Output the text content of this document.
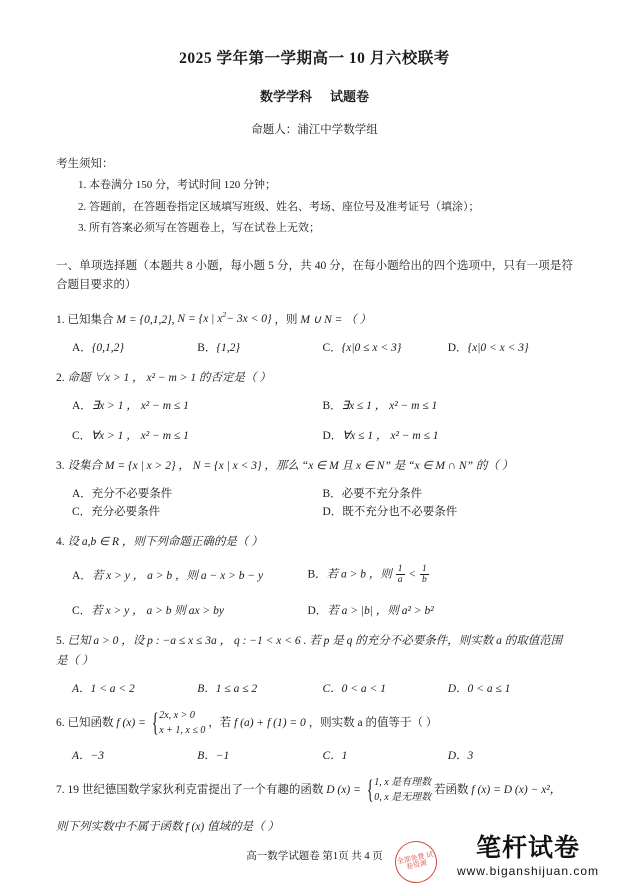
2025 学年第一学期高一 10 月六校联考
数学学科 试题卷
命题人：浦江中学数学组
考生须知：
1. 本卷满分 150 分，考试时间 120 分钟；
2. 答题前，在答题卷指定区域填写班级、姓名、考场、座位号及准考证号（填涂）；
3. 所有答案必须写在答题卷上，写在试卷上无效；
一、单项选择题（本题共 8 小题，每小题 5 分，共 40 分，在每小题给出的四个选项中，只有一项是符合题目要求的）
1. 已知集合 M = {0,1,2}, N = {x | $x^2- 3x < 0$} ，则 M ∪ N = （ ）
A．{0,1,2}	B．{1,2}	C．{x|0 ≤ x < 3}	D．{x|0 < x < 3}
2. 命题 ∀x > 1 ， x² − m > 1 的否定是（ ）
A．∃x > 1 ， x² − m ≤ 1	B．∃x ≤ 1 ， x² − m ≤ 1
C．∀x > 1 ， x² − m ≤ 1	D．∀x ≤ 1 ， x² − m ≤ 1
3. 设集合 M = {x | x > 2} ， N = {x | x < 3} ，那么 “x ∈ M 且 x ∈ N” 是 “x ∈ M ∩ N” 的（ ）
A．充分不必要条件	B．必要不充分条件
C．充分必要条件	D．既不充分也不必要条件
4. 设 a,b ∈ R ，则下列命题正确的是（ ）
A．若 x > y ， a > b ，则 a − x > b − y	B．若 a > b ，则 $\frac{1}{a} < \frac{1}{b}$
C．若 x > y ， a > b 则 ax > by	D．若 a > |b| ，则 a² > b²
5. 已知 a > 0 ，设 p : −a ≤ x ≤ 3a ， q : −1 < x < 6 . 若 p 是 q 的充分不必要条件，则实数 a 的取值范围是（ ）
A．1 < a < 2	B．1 ≤ a ≤ 2	C．0 < a < 1	D．0 < a ≤ 1
6. 已知函数 f (x) = { 2x, x > 0
x + 1, x ≤ 0
，若 f (a) + f (1) = 0 ，则实数 a 的值等于（ ）
A．−3	B．−1	C．1	D．3
7. 19 世纪德国数学家狄利克雷提出了一个有趣的函数 D (x) = { 1, x 是有理数
0, x 是无理数
若函数 f (x) = D (x) − x²，
则下列实数中不属于函数 f (x) 值域的是（ ）
高一数学试题卷 第1页 共 4 页	全部免费 试卷资源
笔杆试卷
www.biganshijuan.com
